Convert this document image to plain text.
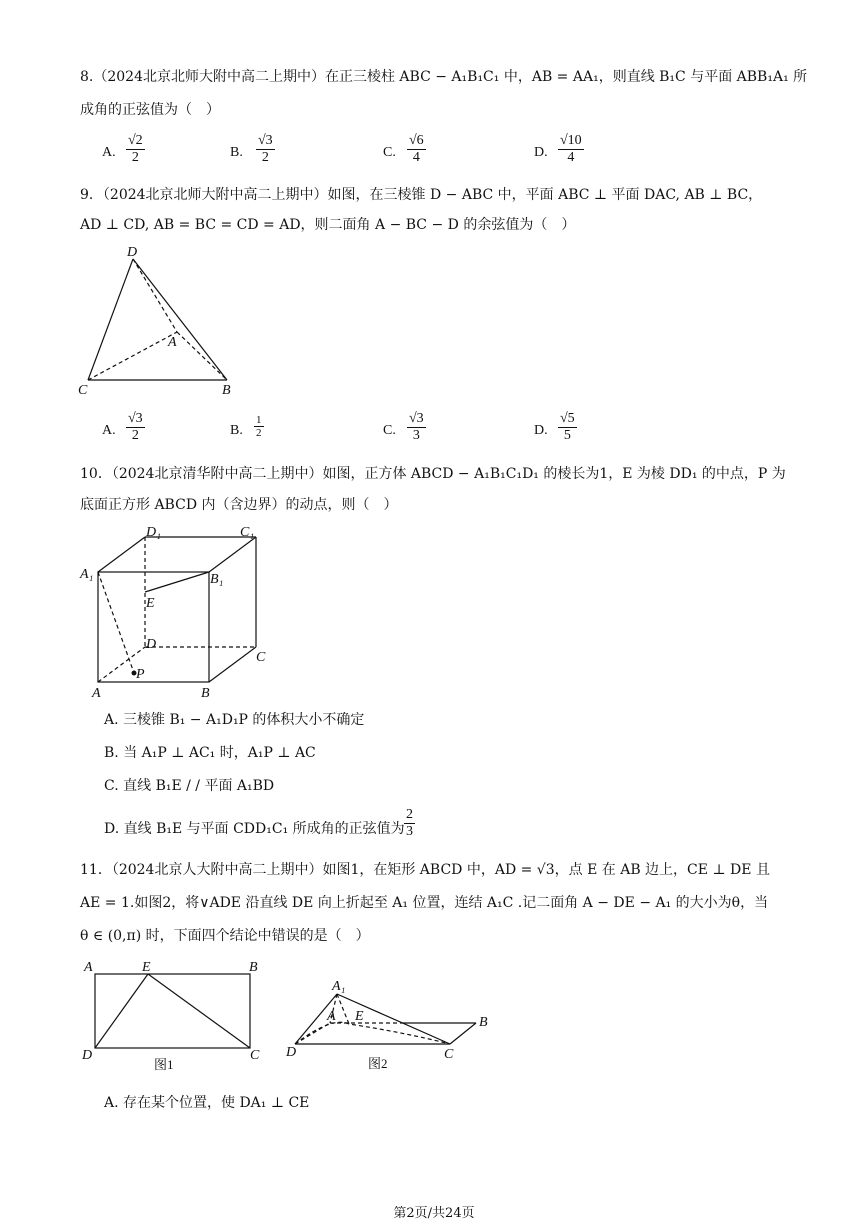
8.（2024北京北师大附中高二上期中）在正三棱柱 ABC − A₁B₁C₁ 中，AB = AA₁，则直线 B₁C 与平面 ABB₁A₁ 所
成角的正弦值为（　）
A. $\frac{√2}{2}$	B. $\frac{√3}{2}$	C. $\frac{√6}{4}$	D. $\frac{√10}{4}$
9．（2024北京北师大附中高二上期中）如图，在三棱锥 D − ABC 中，平面 ABC ⊥ 平面 DAC, AB ⊥ BC，
AD ⊥ CD, AB = BC = CD = AD，则二面角 A − BC − D 的余弦值为（　）
D
A
C	B
A. $\frac{√3}{2}$	B. $\frac{1}{2}$	C. $\frac{√3}{3}$	D. $\frac{√5}{5}$
10．（2024北京清华附中高二上期中）如图，正方体 ABCD − A₁B₁C₁D₁ 的棱长为1，E 为棱 DD₁ 的中点，P 为
底面正方形 ABCD 内（含边界）的动点，则（　）
D₁	C₁
A₁	B₁
E
D
C
P
A	B
A. 三棱锥 B₁ − A₁D₁P 的体积大小不确定
B. 当 A₁P ⊥ AC₁ 时，A₁P ⊥ AC
C. 直线 B₁E / / 平面 A₁BD
D. 直线 B₁E 与平面 CDD₁C₁ 所成角的正弦值为 $\frac{2}{3}$
11．（2024北京人大附中高二上期中）如图1，在矩形 ABCD 中，AD = √3，点 E 在 AB 边上，CE ⊥ DE 且
AE = 1.如图2，将∨ADE 沿直线 DE 向上折起至 A₁ 位置，连结 A₁C .记二面角 A − DE − A₁ 的大小为θ，当
θ ∈ (0,π) 时，下面四个结论中错误的是（　）
A	E	B
D	C
图1
A₁
A E	B
D	C
图2
A. 存在某个位置，使 DA₁ ⊥ CE
第2页/共24页
